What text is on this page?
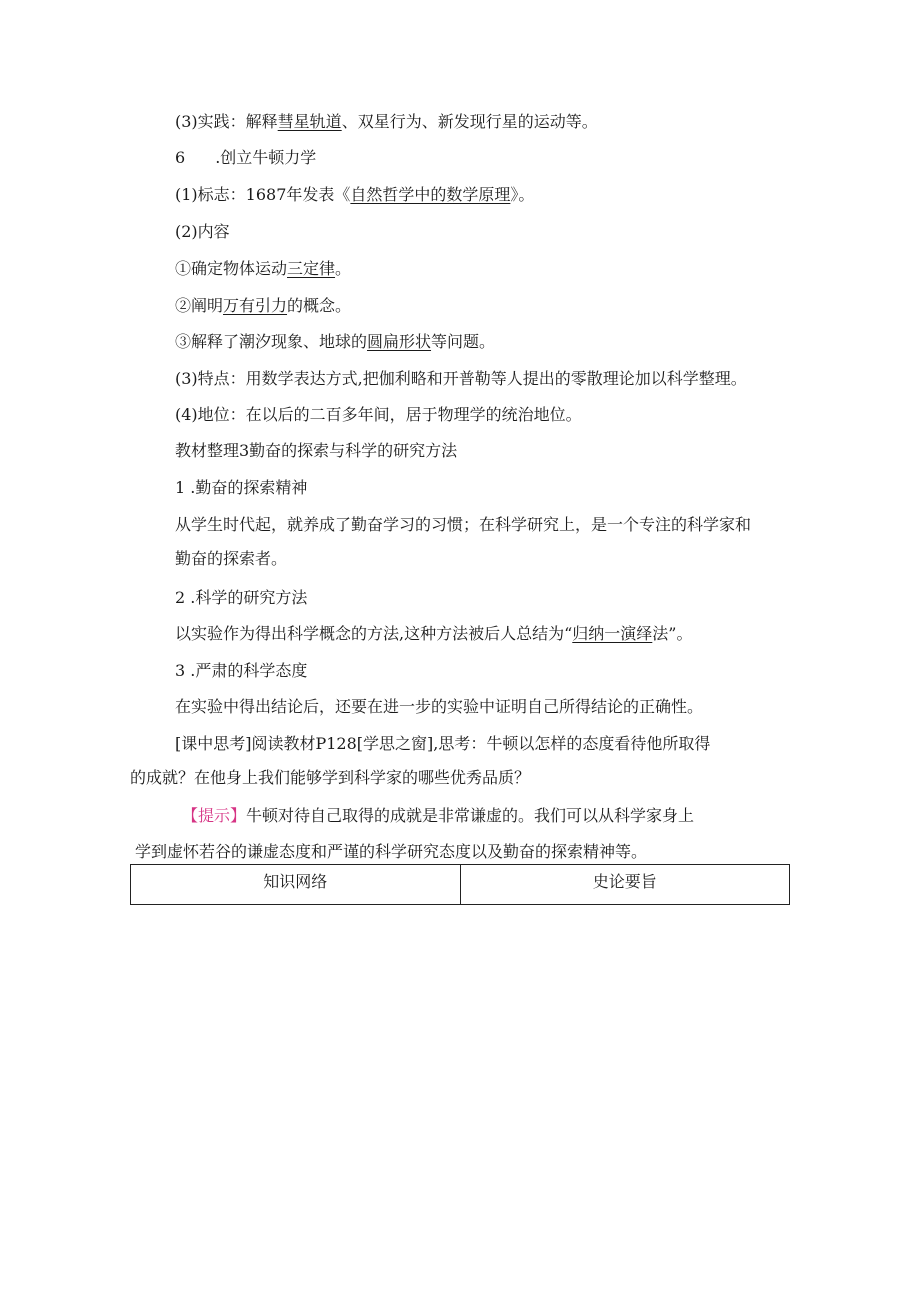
(3)实践：解释彗星轨道、双星行为、新发现行星的运动等。
6 .创立牛顿力学
(1)标志：1687年发表《自然哲学中的数学原理》。
(2)内容
①确定物体运动三定律。
②阐明万有引力的概念。
③解释了潮汐现象、地球的圆扁形状等问题。
(3)特点：用数学表达方式,把伽利略和开普勒等人提出的零散理论加以科学整理。
(4)地位：在以后的二百多年间，居于物理学的统治地位。
教材整理3勤奋的探索与科学的研究方法
1 .勤奋的探索精神
从学生时代起，就养成了勤奋学习的习惯；在科学研究上，是一个专注的科学家和
勤奋的探索者。
2 .科学的研究方法
以实验作为得出科学概念的方法,这种方法被后人总结为“归纳一演绎法”。
3 .严肃的科学态度
在实验中得出结论后，还要在进一步的实验中证明自己所得结论的正确性。
[课中思考]阅读教材P128[学思之窗],思考：牛顿以怎样的态度看待他所取得
的成就？在他身上我们能够学到科学家的哪些优秀品质？
【提示】牛顿对待自己取得的成就是非常谦虚的。我们可以从科学家身上
学到虚怀若谷的谦虚态度和严谨的科学研究态度以及勤奋的探索精神等。
知识网络	史论要旨
